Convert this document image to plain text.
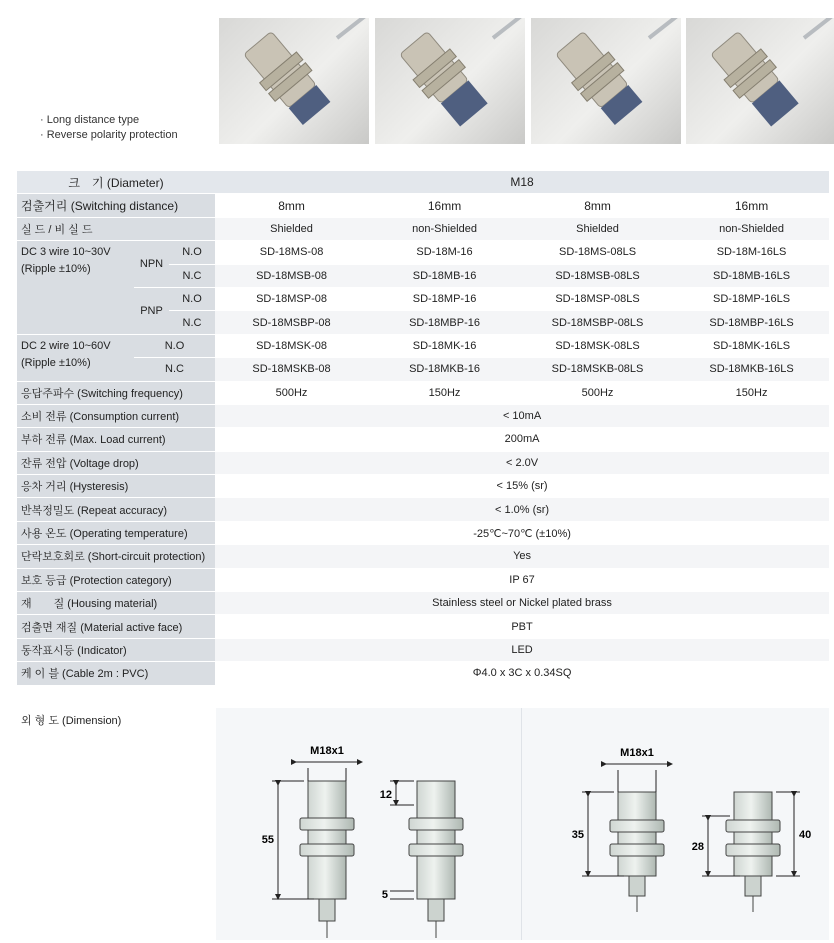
· Long distance type
· Reverse polarity protection
크　기 (Diameter)			M18			
검출거리 (Switching distance)			8mm	16mm	8mm	16mm
실 드 / 비 실 드			Shielded	non-Shielded	Shielded	non-Shielded

DC 3 wire 10~30V
(Ripple ±10%)	NPN	N.O	SD-18MS-08	SD-18M-16	SD-18MS-08LS	SD-18M-16LS
		N.C	SD-18MSB-08	SD-18MB-16	SD-18MSB-08LS	SD-18MB-16LS
	PNP	N.O	SD-18MSP-08	SD-18MP-16	SD-18MSP-08LS	SD-18MP-16LS
		N.C	SD-18MSBP-08	SD-18MBP-16	SD-18MSBP-08LS	SD-18MBP-16LS

DC 2 wire 10~60V
(Ripple ±10%)	N.O		SD-18MSK-08	SD-18MK-16	SD-18MSK-08LS	SD-18MK-16LS
	N.C		SD-18MSKB-08	SD-18MKB-16	SD-18MSKB-08LS	SD-18MKB-16LS
응답주파수 (Switching frequency)			500Hz	150Hz	500Hz	150Hz
소비 전류 (Consumption current)			< 10mA			
부하 전류 (Max. Load current)			200mA			
잔류 전압 (Voltage drop)			< 2.0V			
응차 거리 (Hysteresis)			< 15% (sr)			
반복정밀도 (Repeat accuracy)			< 1.0% (sr)			
사용 온도 (Operating temperature)			-25℃~70℃ (±10%)			
단락보호회로 (Short-circuit protection)			Yes			
보호 등급 (Protection category)			IP 67			
재　　질 (Housing material)			Stainless steel or Nickel plated brass			
검출면 재질 (Material active face)			PBT			
동작표시등 (Indicator)			LED			
케 이 블 (Cable 2m : PVC)			Φ4.0 x 3C x 0.34SQ			
외 형 도 (Dimension)
M18x1
55
12
5
M18x1
35
28
40
